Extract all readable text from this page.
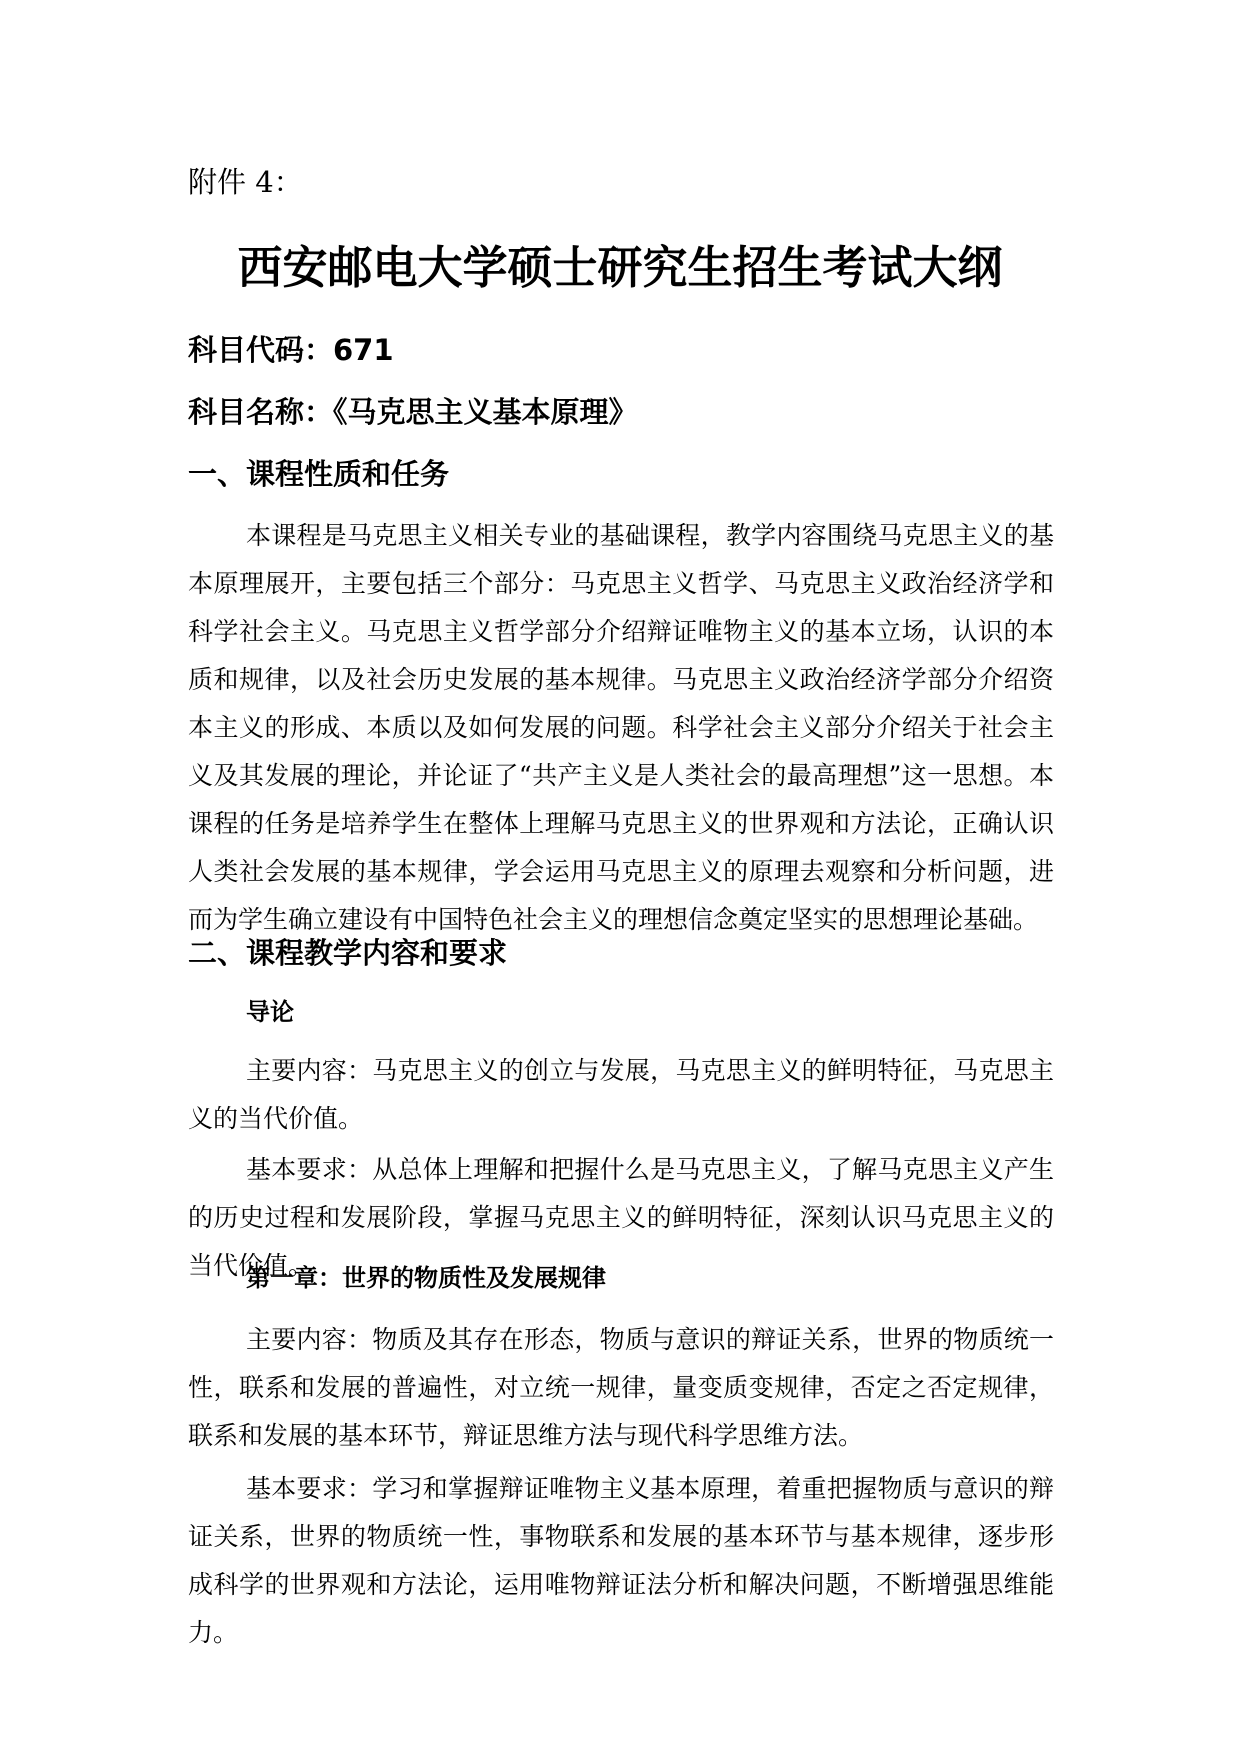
附件 4：
西安邮电大学硕士研究生招生考试大纲
科目代码：671
科目名称：《马克思主义基本原理》
一、课程性质和任务

本课程是马克思主义相关专业的基础课程，教学内容围绕马克思主义的基本原理展开，主要包括三个部分：马克思主义哲学、马克思主义政治经济学和科学社会主义。马克思主义哲学部分介绍辩证唯物主义的基本立场，认识的本质和规律，以及社会历史发展的基本规律。马克思主义政治经济学部分介绍资本主义的形成、本质以及如何发展的问题。科学社会主义部分介绍关于社会主义及其发展的理论，并论证了“共产主义是人类社会的最高理想”这一思想。本课程的任务是培养学生在整体上理解马克思主义的世界观和方法论，正确认识人类社会发展的基本规律，学会运用马克思主义的原理去观察和分析问题，进而为学生确立建设有中国特色社会主义的理想信念奠定坚实的思想理论基础。

二、课程教学内容和要求
导论

主要内容：马克思主义的创立与发展，马克思主义的鲜明特征，马克思主义的当代价值。

基本要求：从总体上理解和把握什么是马克思主义，了解马克思主义产生的历史过程和发展阶段，掌握马克思主义的鲜明特征，深刻认识马克思主义的当代价值。

第一章：世界的物质性及发展规律

主要内容：物质及其存在形态，物质与意识的辩证关系，世界的物质统一性，联系和发展的普遍性，对立统一规律，量变质变规律，否定之否定规律，联系和发展的基本环节，辩证思维方法与现代科学思维方法。

基本要求：学习和掌握辩证唯物主义基本原理，着重把握物质与意识的辩证关系，世界的物质统一性，事物联系和发展的基本环节与基本规律，逐步形成科学的世界观和方法论，运用唯物辩证法分析和解决问题，不断增强思维能力。
